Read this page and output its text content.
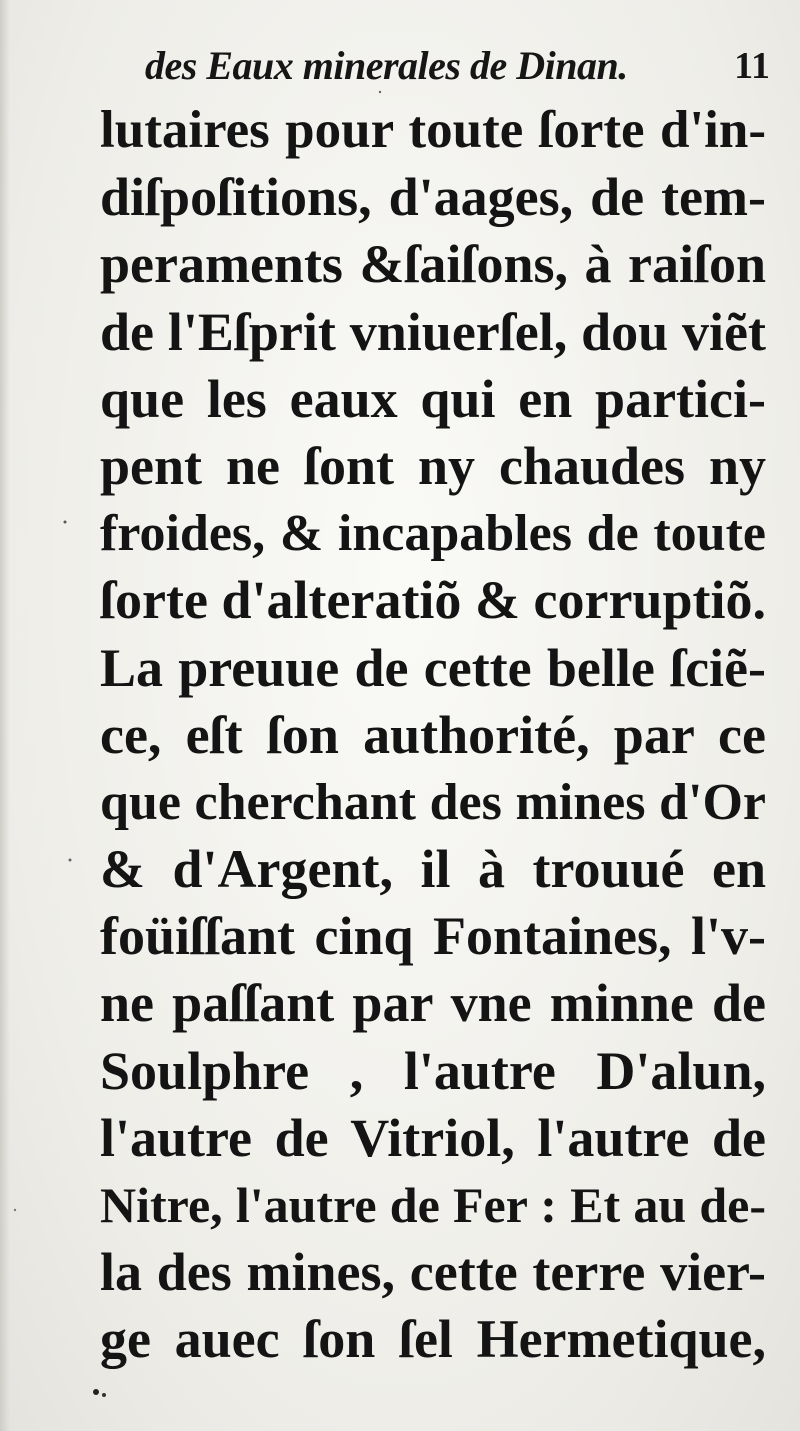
des Eaux minerales de Dinan.	11
lutaires pour toute ſorte d'in-
diſpoſitions, d'aages, de tem-
peraments &ſaiſons, à raiſon
de l'Eſprit vniuerſel, dou viẽt
que les eaux qui en partici-
pent ne ſont ny chaudes ny
froides, & incapables de toute
ſorte d'alteratiõ & corruptiõ.
La preuue de cette belle ſciẽ-
ce, eſt ſon authorité, par ce
que cherchant des mines d'Or
& d'Argent, il à trouué en
foüiſſant cinq Fontaines, l'v-
ne paſſant par vne minne de
Soulphre , l'autre D'alun,
l'autre de Vitriol, l'autre de
Nitre, l'autre de Fer : Et au de-
la des mines, cette terre vier-
ge auec ſon ſel Hermetique,
